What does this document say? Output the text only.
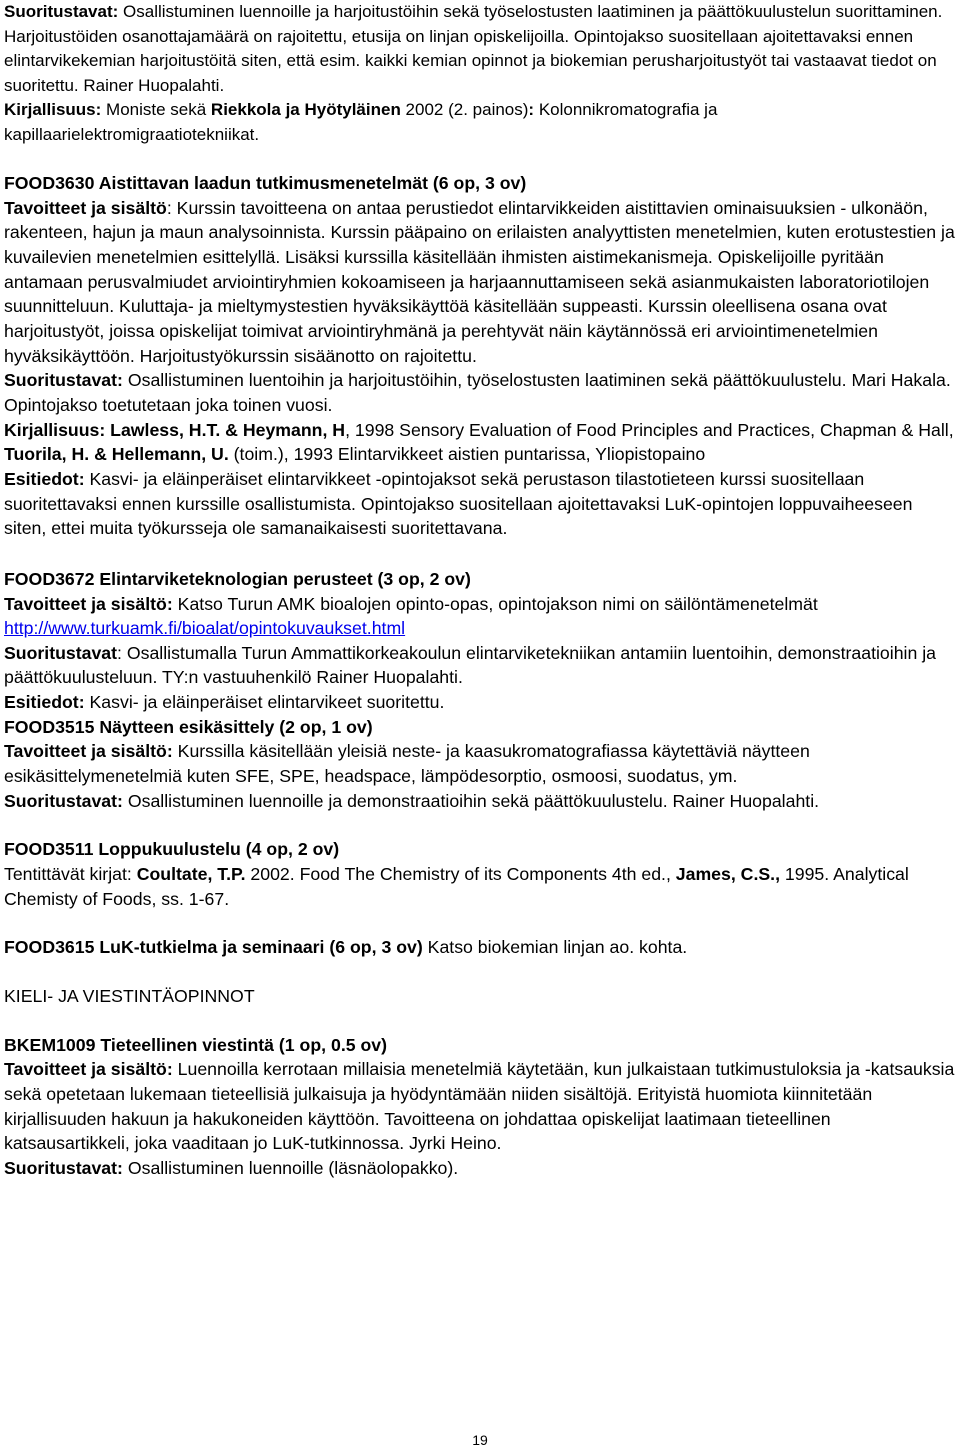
Suoritustavat: Osallistuminen luennoille ja harjoitustöihin sekä työselostusten laatiminen ja päättökuulustelun suorittaminen. Harjoitustöiden osanottajamäärä on rajoitettu, etusija on linjan opiskelijoilla. Opintojakso suositellaan ajoitettavaksi ennen elintarvikekemian harjoitustöitä siten, että esim. kaikki kemian opinnot ja biokemian perusharjoitustyöt tai vastaavat tiedot on suoritettu. Rainer Huopalahti.

Kirjallisuus: Moniste sekä Riekkola ja Hyötyläinen 2002 (2. painos): Kolonnikromatografia ja kapillaarielektromigraatiotekniikat.

FOOD3630 Aistittavan laadun tutkimusmenetelmät (6 op, 3 ov)
Tavoitteet ja sisältö: Kurssin tavoitteena on antaa perustiedot elintarvikkeiden aistittavien ominaisuuksien - ulkonäön, rakenteen, hajun ja maun analysoinnista. Kurssin pääpaino on erilaisten analyyttisten menetelmien, kuten erotustestien ja kuvailevien menetelmien esittelyllä. Lisäksi kurssilla käsitellään ihmisten aistimekanismeja. Opiskelijoille pyritään antamaan perusvalmiudet arviointiryhmien kokoamiseen ja harjaannuttamiseen sekä asianmukaisten laboratoriotilojen suunnitteluun. Kuluttaja- ja mieltymystestien hyväksikäyttöä käsitellään suppeasti. Kurssin oleellisena osana ovat harjoitustyöt, joissa opiskelijat toimivat arviointiryhmänä ja perehtyvät näin käytännössä eri arviointimenetelmien hyväksikäyttöön. Harjoitustyökurssin sisäänotto on rajoitettu.
Suoritustavat: Osallistuminen luentoihin ja harjoitustöihin, työselostusten laatiminen sekä päättökuulustelu. Mari Hakala. Opintojakso toetutetaan joka toinen vuosi.
Kirjallisuus: Lawless, H.T. & Heymann, H, 1998 Sensory Evaluation of Food Principles and Practices, Chapman & Hall, Tuorila, H. & Hellemann, U. (toim.), 1993 Elintarvikkeet aistien puntarissa, Yliopistopaino
Esitiedot: Kasvi- ja eläinperäiset elintarvikkeet -opintojaksot sekä perustason tilastotieteen kurssi suositellaan suoritettavaksi ennen kurssille osallistumista. Opintojakso suositellaan ajoitettavaksi LuK-opintojen loppuvaiheeseen siten, ettei muita työkursseja ole samanaikaisesti suoritettavana.

FOOD3672 Elintarviketeknologian perusteet (3 op, 2 ov)
Tavoitteet ja sisältö: Katso Turun AMK bioalojen opinto-opas, opintojakson nimi on säilöntämenetelmät http://www.turkuamk.fi/bioalat/opintokuvaukset.html
Suoritustavat: Osallistumalla Turun Ammattikorkeakoulun elintarviketekniikan antamiin luentoihin, demonstraatioihin ja päättökuulusteluun. TY:n vastuuhenkilö Rainer Huopalahti.
Esitiedot: Kasvi- ja eläinperäiset elintarvikeet suoritettu.
FOOD3515 Näytteen esikäsittely (2 op, 1 ov)
Tavoitteet ja sisältö: Kurssilla käsitellään yleisiä neste- ja kaasukromatografiassa käytettäviä näytteen esikäsittelymenetelmiä kuten SFE, SPE, headspace, lämpödesorptio, osmoosi, suodatus, ym.
Suoritustavat: Osallistuminen luennoille ja demonstraatioihin sekä päättökuulustelu. Rainer Huopalahti.

FOOD3511 Loppukuulustelu (4 op, 2 ov)
Tentittävät kirjat: Coultate, T.P. 2002. Food The Chemistry of its Components 4th ed., James, C.S., 1995. Analytical Chemisty of Foods, ss. 1-67.

FOOD3615 LuK-tutkielma ja seminaari (6 op, 3 ov) Katso biokemian linjan ao. kohta.

KIELI- JA VIESTINTÄOPINNOT

BKEM1009 Tieteellinen viestintä (1 op, 0.5 ov)
Tavoitteet ja sisältö: Luennoilla kerrotaan millaisia menetelmiä käytetään, kun julkaistaan tutkimustuloksia ja -katsauksia sekä opetetaan lukemaan tieteellisiä julkaisuja ja hyödyntämään niiden sisältöjä. Erityistä huomiota kiinnitetään kirjallisuuden hakuun ja hakukoneiden käyttöön. Tavoitteena on johdattaa opiskelijat laatimaan tieteellinen katsausartikkeli, joka vaaditaan jo LuK-tutkinnossa. Jyrki Heino.
Suoritustavat: Osallistuminen luennoille (läsnäolopakko).

19
